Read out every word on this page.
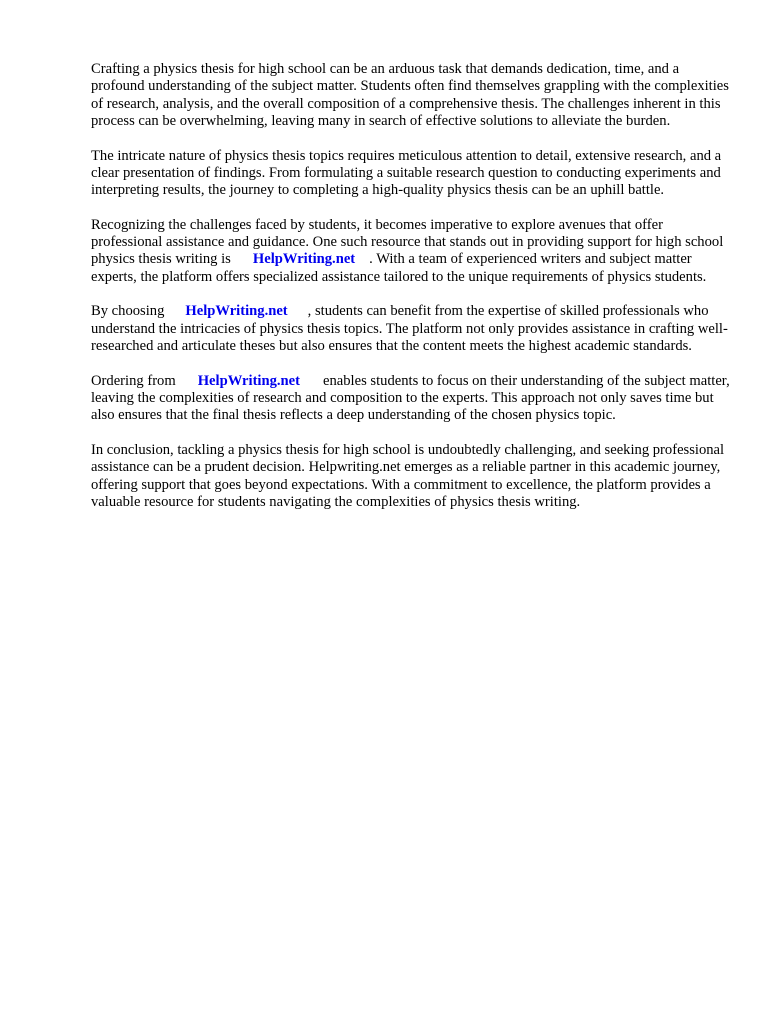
Crafting a physics thesis for high school can be an arduous task that demands dedication, time, and a profound understanding of the subject matter. Students often find themselves grappling with the complexities of research, analysis, and the overall composition of a comprehensive thesis. The challenges inherent in this process can be overwhelming, leaving many in search of effective solutions to alleviate the burden.

The intricate nature of physics thesis topics requires meticulous attention to detail, extensive research, and a clear presentation of findings. From formulating a suitable research question to conducting experiments and interpreting results, the journey to completing a high-quality physics thesis can be an uphill battle.

Recognizing the challenges faced by students, it becomes imperative to explore avenues that offer professional assistance and guidance. One such resource that stands out in providing support for high school physics thesis writing is HelpWriting.net . With a team of experienced writers and subject matter experts, the platform offers specialized assistance tailored to the unique requirements of physics students.

By choosing HelpWriting.net , students can benefit from the expertise of skilled professionals who understand the intricacies of physics thesis topics. The platform not only provides assistance in crafting well-researched and articulate theses but also ensures that the content meets the highest academic standards.

Ordering from HelpWriting.net enables students to focus on their understanding of the subject matter, leaving the complexities of research and composition to the experts. This approach not only saves time but also ensures that the final thesis reflects a deep understanding of the chosen physics topic.

In conclusion, tackling a physics thesis for high school is undoubtedly challenging, and seeking professional assistance can be a prudent decision. Helpwriting.net emerges as a reliable partner in this academic journey, offering support that goes beyond expectations. With a commitment to excellence, the platform provides a valuable resource for students navigating the complexities of physics thesis writing.
